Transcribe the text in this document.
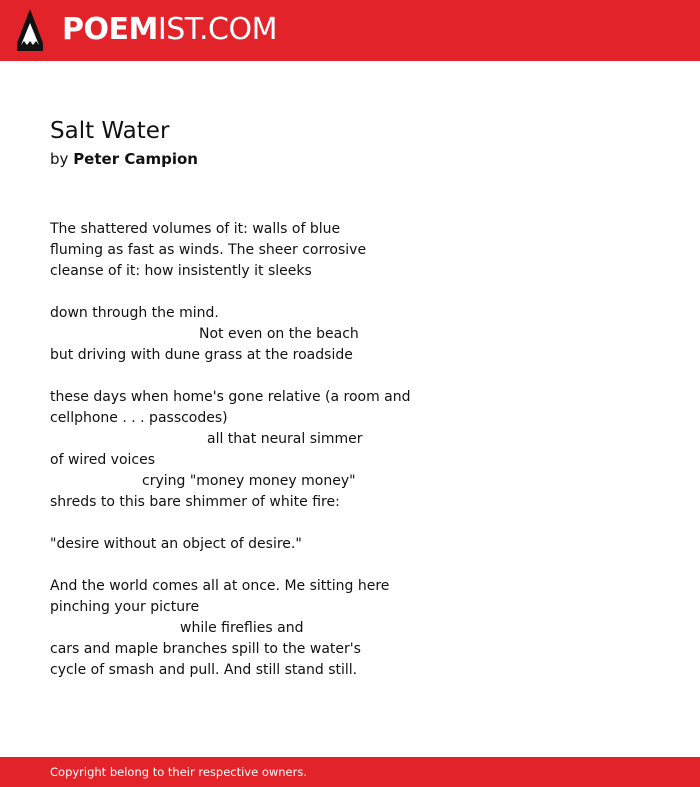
POEMIST.COM
Salt Water
by Peter Campion
The shattered volumes of it: walls of blue
fluming as fast as winds. The sheer corrosive
cleanse of it: how insistently it sleeks
down through the mind.
Not even on the beach
but driving with dune grass at the roadside
these days when home's gone relative (a room and
cellphone . . . passcodes)
all that neural simmer
of wired voices
crying "money money money"
shreds to this bare shimmer of white fire:
"desire without an object of desire."
And the world comes all at once. Me sitting here
pinching your picture
while fireflies and
cars and maple branches spill to the water's
cycle of smash and pull. And still stand still.
Copyright belong to their respective owners.
